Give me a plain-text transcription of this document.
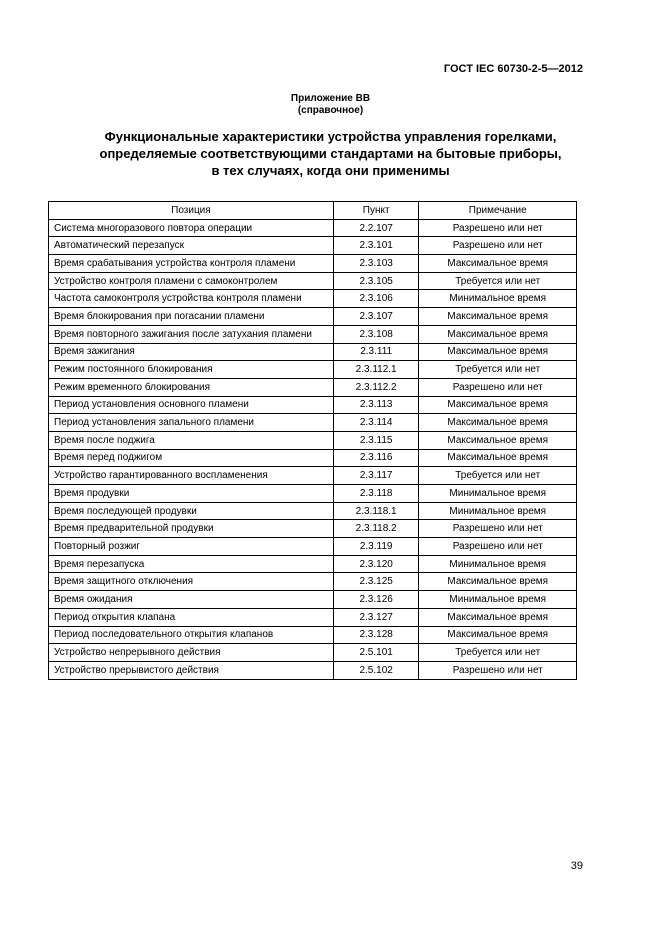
ГОСТ IEC 60730-2-5—2012
Приложение ВВ
(справочное)
Функциональные характеристики устройства управления горелками,
определяемые соответствующими стандартами на бытовые приборы,
в тех случаях, когда они применимы
Позиция	Пункт	Примечание
Система многоразового повтора операции	2.2.107	Разрешено или нет
Автоматический перезапуск	2.3.101	Разрешено или нет
Время срабатывания устройства контроля пламени	2.3.103	Максимальное время
Устройство контроля пламени с самоконтролем	2.3.105	Требуется или нет
Частота самоконтроля устройства контроля пламени	2.3.106	Минимальное время
Время блокирования при погасании пламени	2.3.107	Максимальное время
Время повторного зажигания после затухания пламени	2.3.108	Максимальное время
Время зажигания	2.3.111	Максимальное время
Режим постоянного блокирования	2.3.112.1	Требуется или нет
Режим временного блокирования	2.3.112.2	Разрешено или нет
Период установления основного пламени	2.3.113	Максимальное время
Период установления запального пламени	2.3.114	Максимальное время
Время после поджига	2.3.115	Максимальное время
Время перед поджигом	2.3.116	Максимальное время
Устройство гарантированного воспламенения	2.3.117	Требуется или нет
Время продувки	2.3.118	Минимальное время
Время последующей продувки	2.3.118.1	Минимальное время
Время предварительной продувки	2.3.118.2	Разрешено или нет
Повторный розжиг	2.3.119	Разрешено или нет
Время перезапуска	2.3.120	Минимальное время
Время защитного отключения	2.3.125	Максимальное время
Время ожидания	2.3.126	Минимальное время
Период открытия клапана	2.3.127	Максимальное время
Период последовательного открытия клапанов	2.3.128	Максимальное время
Устройство непрерывного действия	2.5.101	Требуется или нет
Устройство прерывистого действия	2.5.102	Разрешено или нет
39
